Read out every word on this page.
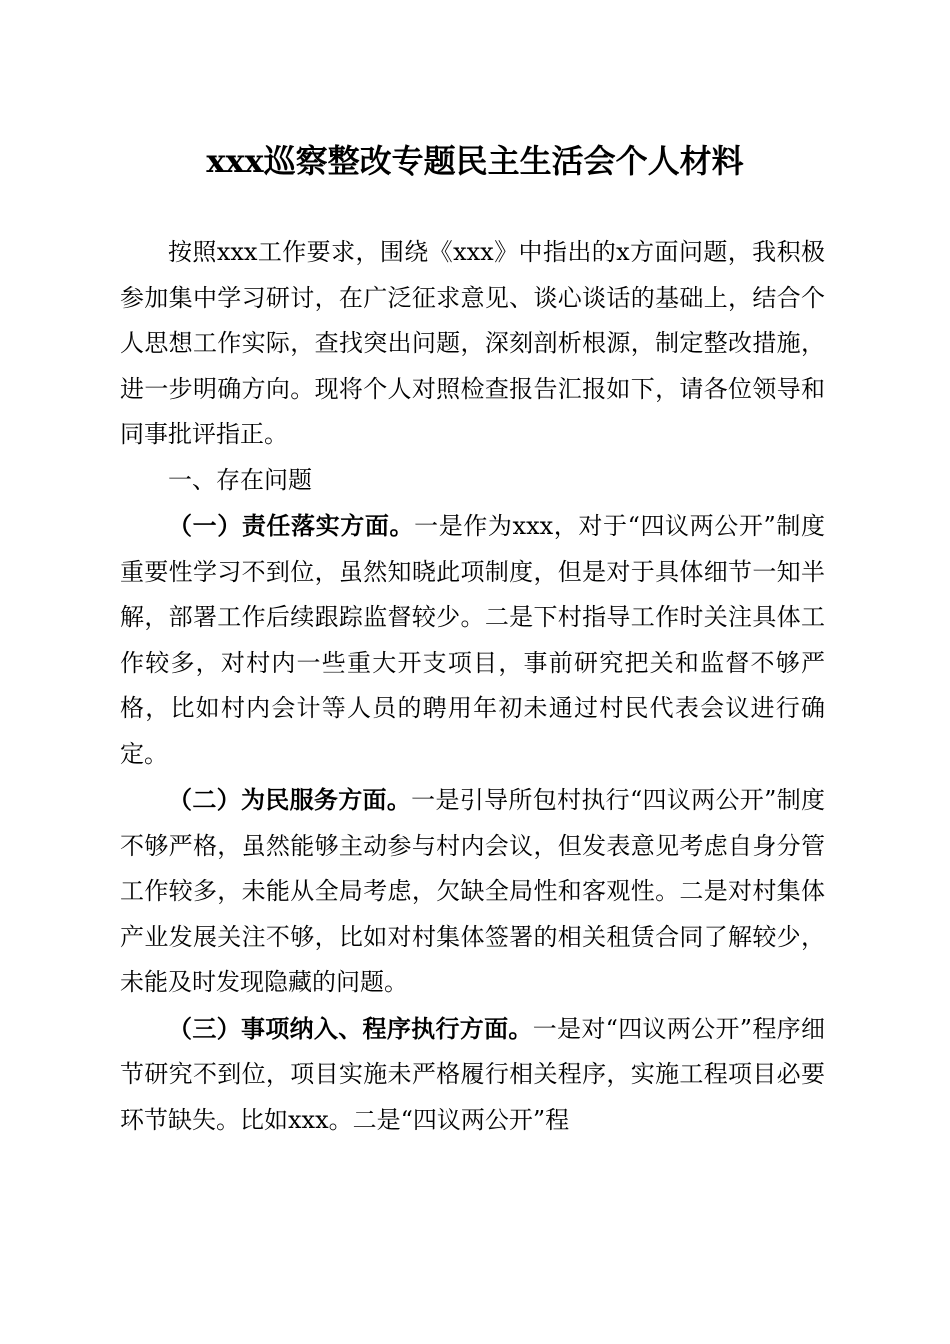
xxx巡察整改专题民主生活会个人材料

按照xxx工作要求，围绕《xxx》中指出的x方面问题，我积极参加集中学习研讨，在广泛征求意见、谈心谈话的基础上，结合个人思想工作实际，查找突出问题，深刻剖析根源，制定整改措施，进一步明确方向。现将个人对照检查报告汇报如下，请各位领导和同事批评指正。

一、存在问题

（一）责任落实方面。一是作为xxx，对于“四议两公开”制度重要性学习不到位，虽然知晓此项制度，但是对于具体细节一知半解，部署工作后续跟踪监督较少。二是下村指导工作时关注具体工作较多，对村内一些重大开支项目，事前研究把关和监督不够严格，比如村内会计等人员的聘用年初未通过村民代表会议进行确定。

（二）为民服务方面。一是引导所包村执行“四议两公开”制度不够严格，虽然能够主动参与村内会议，但发表意见考虑自身分管工作较多，未能从全局考虑，欠缺全局性和客观性。二是对村集体产业发展关注不够，比如对村集体签署的相关租赁合同了解较少，未能及时发现隐藏的问题。

（三）事项纳入、程序执行方面。一是对“四议两公开”程序细节研究不到位，项目实施未严格履行相关程序，实施工程项目必要环节缺失。比如xxx。二是“四议两公开”程
